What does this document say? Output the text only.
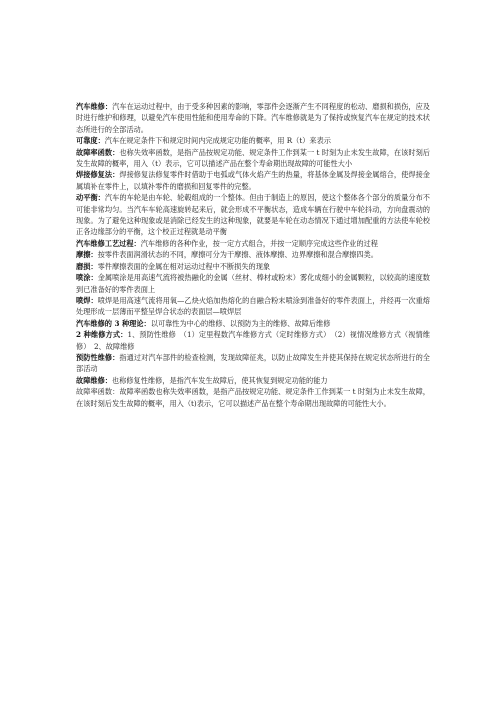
汽车维修：汽车在运动过程中，由于受多种因素的影响，零部件会逐渐产生不同程度的松动、磨损和损伤，应及时进行维护和修理，以避免汽车使用性能和使用寿命的下降。汽车维修就是为了保持或恢复汽车在规定的技术状态所进行的全部活动。

可靠度：汽车在规定条件下和规定时间内完成规定功能的概率，用 R（t）来表示

故障率函数：也称失效率函数，是指产品按规定功能、规定条件工作到某一 t 时刻为止未发生故障，在该时刻后发生故障的概率，用入（t）表示，它可以描述产品在整个寿命期出现故障的可能性大小

焊接修复法：焊接修复法修复零件时借助于电弧或气体火焰产生的热量，将基体金属及焊接金属熔合，使焊接金属填补在零件上，以填补零件的磨损和回复零件的完整。

动平衡：汽车的车轮是由车轮、轮毂组成的一个整体。但由于制造上的原因，使这个整体各个部分的质量分布不可能非常均匀。当汽车车轮高速旋转起来后，就会形成不平衡状态，造成车辆在行驶中车轮抖动，方向盘震动的现象。为了避免这种现象或是消除已经发生的这种现象，就要是车轮在动态情况下通过增加配重的方法使车轮校正各边缘部分的平衡，这个校正过程就是动平衡

汽车维修工艺过程：汽车维修的各种作业，按一定方式组合，并按一定顺序完成这些作业的过程

摩擦：按零件表面润滑状态的不同，摩擦可分为干摩擦、液体摩擦、边界摩擦和混合摩擦四类。

磨损：零件摩擦表面的金属在相对运动过程中不断损失的现象

喷涂：金属喷涂是用高速气流将被热融化的金属（丝材、棒材或粉末）雾化成细小的金属颗粒，以较高的速度数到已准备好的零件表面上

喷焊：喷焊是用高速气流将用氧—乙炔火焰加热熔化的自融合粉末喷涂到准备好的零件表面上，并经再一次重熔处理形成一层薄而平整呈焊合状态的表面层—喷焊层

汽车维修的 3 种理论：以可靠性为中心的维修、以预防为主的维修、故障后维修

2 种维修方式：1、预防性维修　（1）定里程数汽车维修方式（定时维修方式）　（2）视情况维修方式（视情维修）　2、故障维修

预防性维修：指通过对汽车部件的检查检测，发现故障征兆，以防止故障发生并使其保持在规定状态所进行的全部活动

故障维修：也称修复性维修，是指汽车发生故障后，使其恢复到规定功能的能力

故障率函数：故障率函数也称失效率函数，是指产品按规定功能、规定条件工作到某一 t 时刻为止未发生故障，在该时刻后发生故障的概率，用入（t)表示，它可以描述产品在整个寿命期出现故障的可能性大小。
